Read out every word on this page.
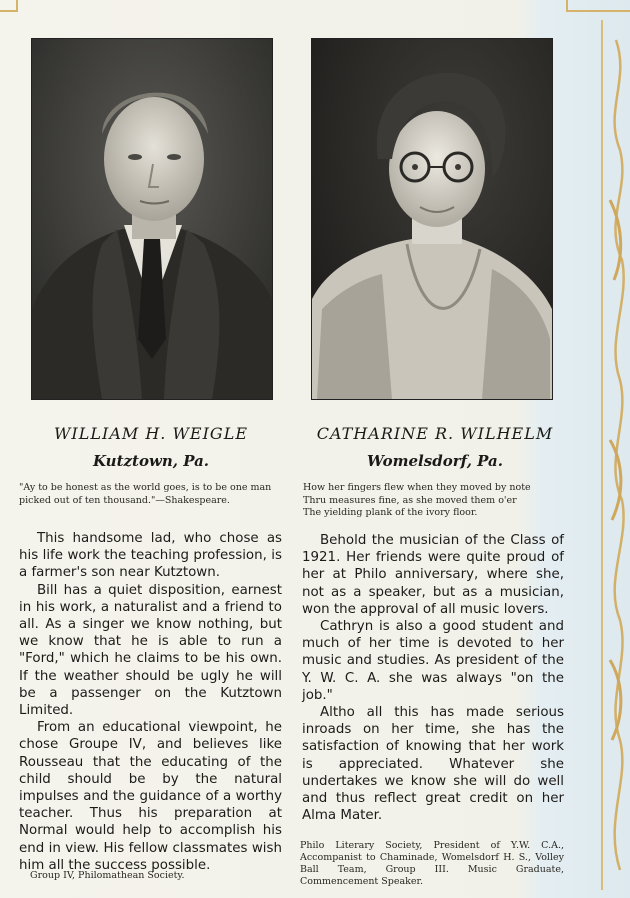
WILLIAM H. WEIGLE
Kutztown, Pa.
CATHARINE R. WILHELM
Womelsdorf, Pa.
"Ay to be honest as the world goes, is to be one man picked out of ten thousand."—Shakespeare.
How her fingers flew when they moved by note
Thru measures fine, as she moved them o'er
The yielding plank of the ivory floor.

This handsome lad, who chose as his life work the teaching profession, is a farmer's son near Kutztown.

Bill has a quiet disposition, earnest in his work, a naturalist and a friend to all. As a singer we know nothing, but we know that he is able to run a "Ford," which he claims to be his own. If the weather should be ugly he will be a passenger on the Kutztown Limited.

From an educational viewpoint, he chose Groupe IV, and believes like Rousseau that the educating of the child should be by the natural impulses and the guidance of a worthy teacher. Thus his preparation at Normal would help to accomplish his end in view. His fellow classmates wish him all the success possible.

Behold the musician of the Class of 1921. Her friends were quite proud of her at Philo anniversary, where she, not as a speaker, but as a musician, won the approval of all music lovers.

Cathryn is also a good student and much of her time is devoted to her music and studies. As president of the Y. W. C. A. she was always "on the job."

Altho all this has made serious inroads on her time, she has the satisfaction of knowing that her work is appreciated. Whatever she undertakes we know she will do well and thus reflect great credit on her Alma Mater.

Group IV, Philomathean Society.
Philo Literary Society, President of Y.W. C.A., Accompanist to Chaminade, Womelsdorf H. S., Volley Ball Team, Group III. Music Graduate, Commencement Speaker.
